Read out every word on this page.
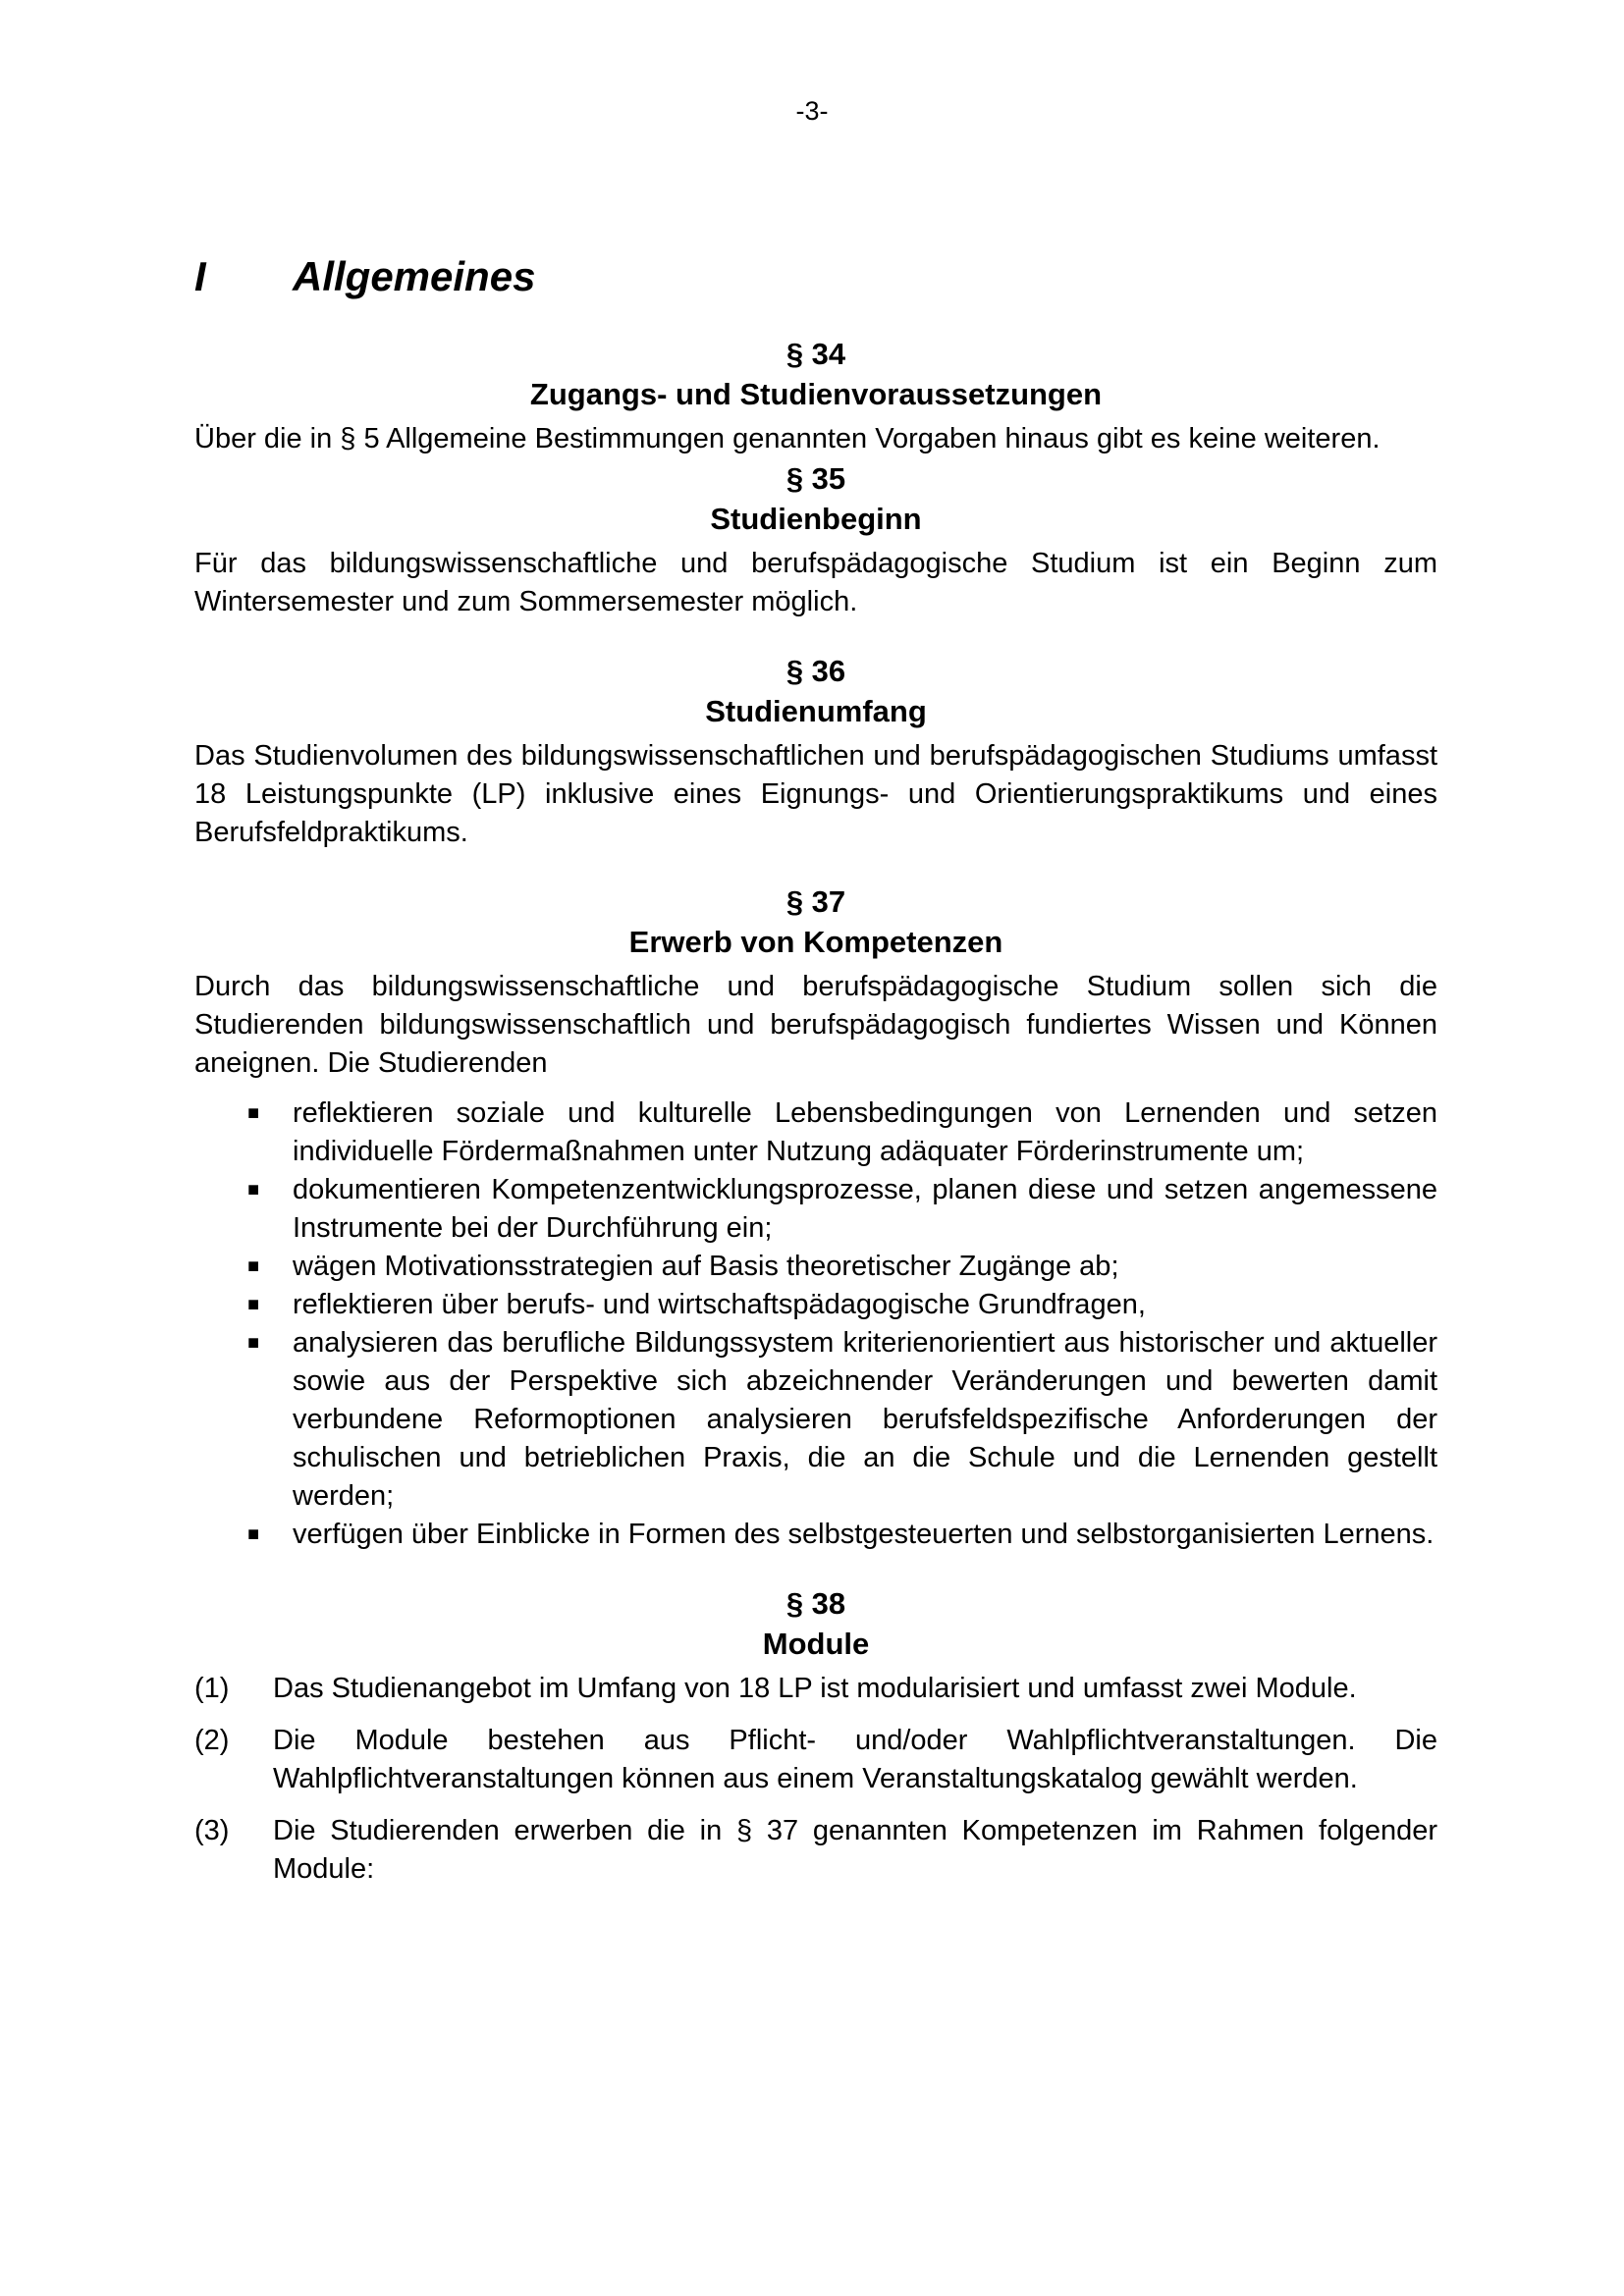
-3-
I	Allgemeines
§ 34
Zugangs- und Studienvoraussetzungen

Über die in § 5 Allgemeine Bestimmungen genannten Vorgaben hinaus gibt es keine weiteren.

§ 35
Studienbeginn

Für das bildungswissenschaftliche und berufspädagogische Studium ist ein Beginn zum Wintersemester und zum Sommersemester möglich.

§ 36
Studienumfang

Das Studienvolumen des bildungswissenschaftlichen und berufspädagogischen Studiums umfasst 18 Leistungspunkte (LP) inklusive eines Eignungs- und Orientierungspraktikums und eines Berufsfeldpraktikums.

§ 37
Erwerb von Kompetenzen

Durch das bildungswissenschaftliche und berufspädagogische Studium sollen sich die Studierenden bildungswissenschaftlich und berufspädagogisch fundiertes Wissen und Können aneignen. Die Studierenden

■ reflektieren soziale und kulturelle Lebensbedingungen von Lernenden und setzen individuelle Fördermaßnahmen unter Nutzung adäquater Förderinstrumente um;
■ dokumentieren Kompetenzentwicklungsprozesse, planen diese und setzen angemessene Instrumente bei der Durchführung ein;
■ wägen Motivationsstrategien auf Basis theoretischer Zugänge ab;
■ reflektieren über berufs- und wirtschaftspädagogische Grundfragen,
■ analysieren das berufliche Bildungssystem kriterienorientiert aus historischer und aktueller sowie aus der Perspektive sich abzeichnender Veränderungen und bewerten damit verbundene Reformoptionen analysieren berufsfeldspezifische Anforderungen der schulischen und betrieblichen Praxis, die an die Schule und die Lernenden gestellt werden;
■ verfügen über Einblicke in Formen des selbstgesteuerten und selbstorganisierten Lernens.
§ 38
Module
(1) Das Studienangebot im Umfang von 18 LP ist modularisiert und umfasst zwei Module.
(2) Die Module bestehen aus Pflicht- und/oder Wahlpflichtveranstaltungen. Die Wahlpflichtveranstaltungen können aus einem Veranstaltungskatalog gewählt werden.
(3) Die Studierenden erwerben die in § 37 genannten Kompetenzen im Rahmen folgender Module:
